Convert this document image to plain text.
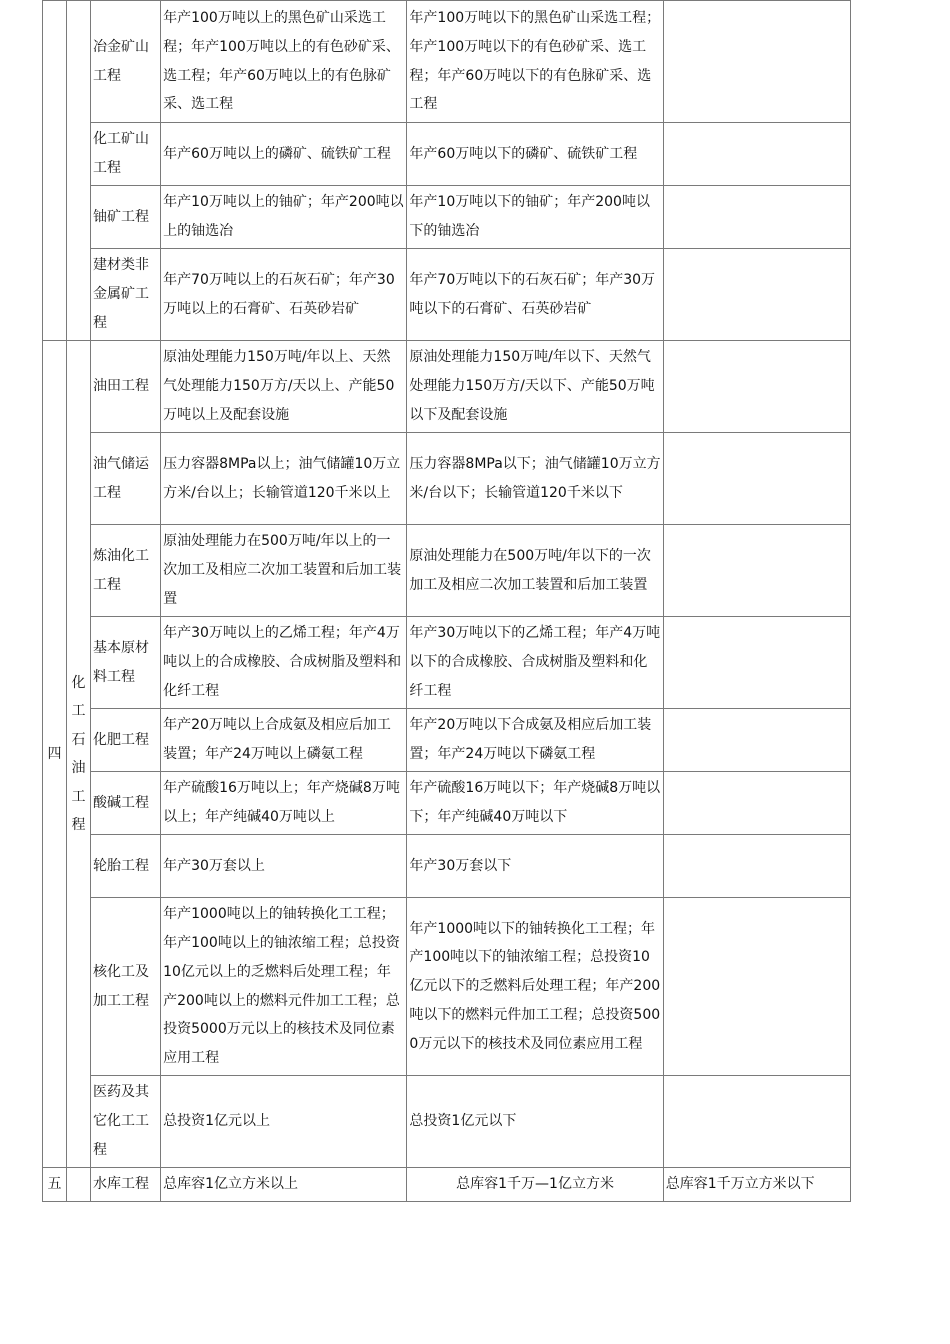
		冶金矿山工程	年产100万吨以上的黑色矿山采选工程；年产100万吨以上的有色砂矿采、选工程；年产60万吨以上的有色脉矿采、选工程	年产100万吨以下的黑色矿山采选工程；年产100万吨以下的有色砂矿采、选工程；年产60万吨以下的有色脉矿采、选工程	
		化工矿山工程	年产60万吨以上的磷矿、硫铁矿工程	年产60万吨以下的磷矿、硫铁矿工程	
		铀矿工程	年产10万吨以上的铀矿；年产200吨以上的铀选冶	年产10万吨以下的铀矿；年产200吨以下的铀选冶	
		建材类非金属矿工程	年产70万吨以上的石灰石矿；年产30万吨以上的石膏矿、石英砂岩矿	年产70万吨以下的石灰石矿；年产30万吨以下的石膏矿、石英砂岩矿	
四	化工石油工程	油田工程	原油处理能力150万吨/年以上、天然气处理能力150万方/天以上、产能50万吨以上及配套设施	原油处理能力150万吨/年以下、天然气处理能力150万方/天以下、产能50万吨以下及配套设施	
		油气储运工程	压力容器8MPa以上；油气储罐10万立方米/台以上；长输管道120千米以上	压力容器8MPa以下；油气储罐10万立方米/台以下；长输管道120千米以下	
		炼油化工工程	原油处理能力在500万吨/年以上的一次加工及相应二次加工装置和后加工装置	原油处理能力在500万吨/年以下的一次加工及相应二次加工装置和后加工装置	
		基本原材料工程	年产30万吨以上的乙烯工程；年产4万吨以上的合成橡胶、合成树脂及塑料和化纤工程	年产30万吨以下的乙烯工程；年产4万吨以下的合成橡胶、合成树脂及塑料和化纤工程	
		化肥工程	年产20万吨以上合成氨及相应后加工装置；年产24万吨以上磷氨工程	年产20万吨以下合成氨及相应后加工装置；年产24万吨以下磷氨工程	
		酸碱工程	年产硫酸16万吨以上；年产烧碱8万吨以上；年产纯碱40万吨以上	年产硫酸16万吨以下；年产烧碱8万吨以下；年产纯碱40万吨以下	
		轮胎工程	年产30万套以上	年产30万套以下	
		核化工及加工工程	年产1000吨以上的铀转换化工工程；年产100吨以上的铀浓缩工程；总投资10亿元以上的乏燃料后处理工程；年产200吨以上的燃料元件加工工程；总投资5000万元以上的核技术及同位素应用工程	年产1000吨以下的铀转换化工工程；年产100吨以下的铀浓缩工程；总投资10亿元以下的乏燃料后处理工程；年产200吨以下的燃料元件加工工程；总投资5000万元以下的核技术及同位素应用工程	
		医药及其它化工工程	总投资1亿元以上	总投资1亿元以下	
五		水库工程	总库容1亿立方米以上	总库容1千万—1亿立方米	总库容1千万立方米以下
